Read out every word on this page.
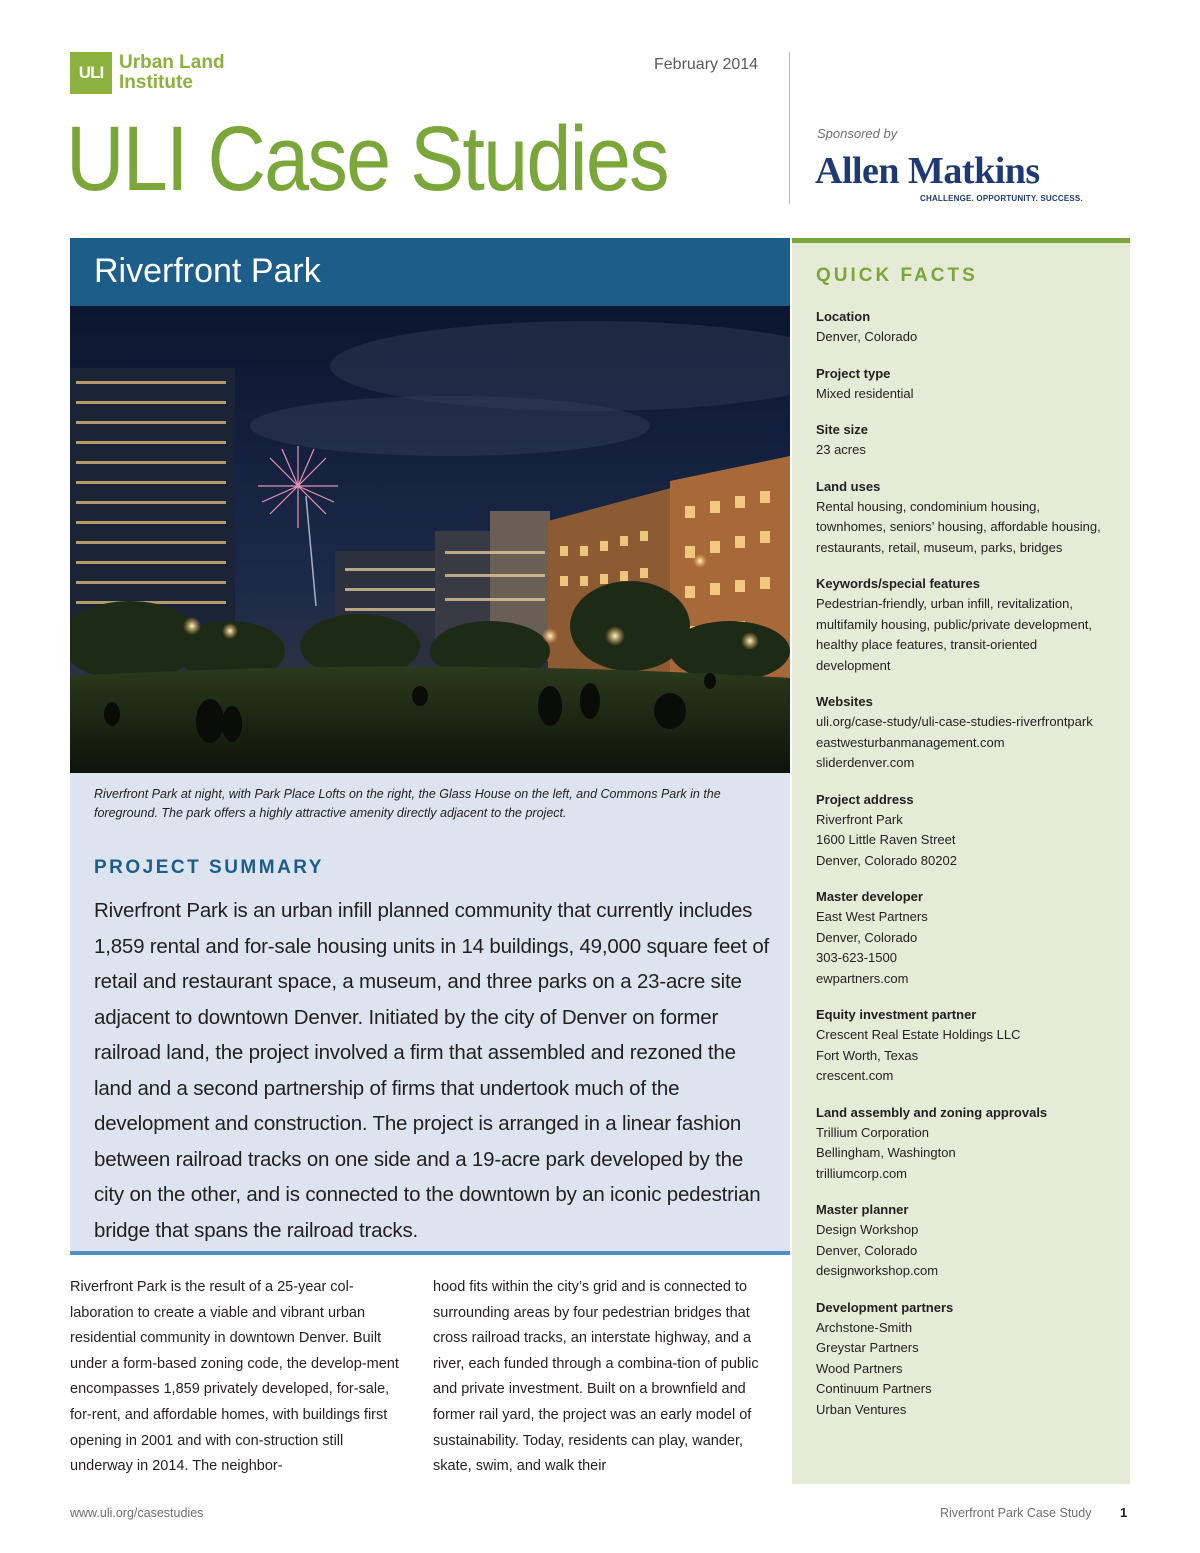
ULI Urban Land
Institute
February 2014
ULI Case Studies	Sponsored by
Allen Matkins
CHALLENGE. OPPORTUNITY. SUCCESS.
Riverfront Park
Riverfront Park at night, with Park Place Lofts on the right, the Glass House on the left, and Commons Park in the foreground. The park offers a highly attractive amenity directly adjacent to the project.
PROJECT SUMMARY
Riverfront Park is an urban infill planned community that currently includes 1,859 rental and for-sale housing units in 14 buildings, 49,000 square feet of retail and restaurant space, a museum, and three parks on a 23-acre site adjacent to downtown Denver. Initiated by the city of Denver on former railroad land, the project involved a firm that assembled and rezoned the land and a second partnership of firms that undertook much of the development and construction. The project is arranged in a linear fashion between railroad tracks on one side and a 19-acre park developed by the city on the other, and is connected to the downtown by an iconic pedestrian bridge that spans the railroad tracks.
Riverfront Park is the result of a 25-year col-laboration to create a viable and vibrant urban residential community in downtown Denver. Built under a form-based zoning code, the develop-ment encompasses 1,859 privately developed, for-sale, for-rent, and affordable homes, with buildings first opening in 2001 and with con-struction still underway in 2014. The neighbor-
hood fits within the city’s grid and is connected to surrounding areas by four pedestrian bridges that cross railroad tracks, an interstate highway, and a river, each funded through a combina-tion of public and private investment. Built on a brownfield and former rail yard, the project was an early model of sustainability. Today, residents can play, wander, skate, swim, and walk their
QUICK FACTS
Location
Denver, Colorado
Project type
Mixed residential
Site size
23 acres
Land uses
Rental housing, condominium housing,
townhomes, seniors’ housing, affordable housing,
restaurants, retail, museum, parks, bridges
Keywords/special features
Pedestrian-friendly, urban infill, revitalization,
multifamily housing, public/private development,
healthy place features, transit-oriented
development
Websites
uli.org/case-study/uli-case-studies-riverfrontpark
eastwesturbanmanagement.com
sliderdenver.com
Project address
Riverfront Park
1600 Little Raven Street
Denver, Colorado 80202
Master developer
East West Partners
Denver, Colorado
303-623-1500
ewpartners.com
Equity investment partner
Crescent Real Estate Holdings LLC
Fort Worth, Texas
crescent.com
Land assembly and zoning approvals
Trillium Corporation
Bellingham, Washington
trilliumcorp.com
Master planner
Design Workshop
Denver, Colorado
designworkshop.com
Development partners
Archstone-Smith
Greystar Partners
Wood Partners
Continuum Partners
Urban Ventures
www.uli.org/casestudies	Riverfront Park Case Study 1
